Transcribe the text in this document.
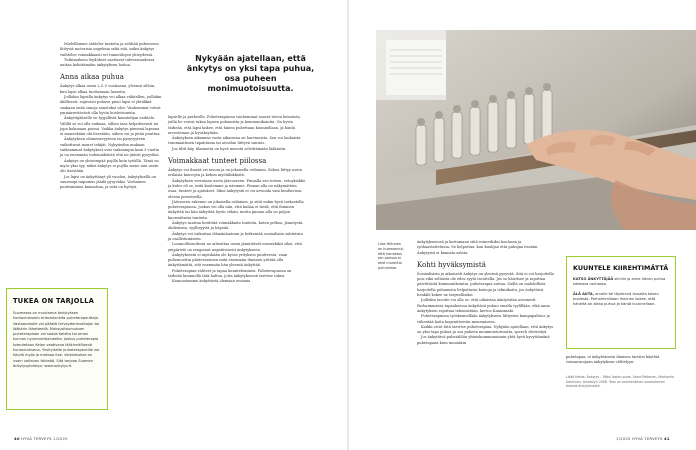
Mielellämme sääteler tunteita ja selittää puheeseen liittyviä motorisia ongelmia sekä sitä, miksi änkytys vaihtelee voimakkaasti eri tunnetilojen yhteydessä.

Tutkimuksen löydökset saattavat tulevaisuudessa auttaa kehittämään änkytyksen hoitoa.

Anna aikaa puhua

Änkytys alkaa usein 2,5–5 vuotiaana, yleensä silloin, kun lapsi alkaa tuottamaan lauseita.

Joillakin lapsilla änkytys voi alkaa vähitellen, joillakin äkillisesti: sujuvasti puhuva pieni lapsi ei yhtäkkiä saakaan enää sanoja sanotuksi ulos. Vanhemmat voivat ymmärrettävästi olla hyvin huolestuneita.

Änkyttäjäkselle on tyypillistä kuuntelijan vaihtelu. Välillä se voi olla vaikeaa, silloin taas helpottavasti tai jopa kokonaan poissa. Vaikka änkytys pienenä lapsena ei meneekään ohi itsestään, siihen voi ja pitää puuttua.

Änkytyksen ohimenevyyteen tai pysyvyyteen vaikuttavat monet tekijät. Nykytiedon mukaan vaikeammat änkytykset ovat vaikeampia kuin 3 vuotta ja on enemmän todennäköistä että ne jäävät pysyviksi.

Änkytys on yleisempää pojilla kuin tytöillä. Tämä on myös yksi syy, miksi änkytys ei pojilla mene niin usein ohi itsestään.

Jos lapsi on änkyttänyt yli vuoden, änkytyksellä on suurempi taipumus jäädä pysyväksi. Varhainen puuttuminen kannattaa, ja siitä on hyötyä.

TUKEA ON TARJOLLA

Suomessa on muutamia änkytyksen kuntoutukseen erikoistuneita puheterapeutteja. Vastaanotolle voi päästä terveydenhuoltajan tai lääkärin lähetteellä. Maksusitoumuksen puheterapiaan voi saada Kelalta tai oman kunnan hyvinvointialueelta. Joskus puheterapia toteutetaan Kelan vaativana lääkinnällisenä kuntoutuksena. Yksityiselle puheterapeutille voi käydä myös ja maksaa itse. Vertaistukea on usein valtavan tärkeää. Sitä tarjoaa Suomen änkytysyhdistys: www.ankytys.fi.

Nykyään ajatellaan, että änkytys on yksi tapa puhua, osa puheen monimuotoisuutta.

lapselle ja perheelle. Puheterapiassa vanhemmat saavat tietoa keinoista, joilla he voivat tukea lapsen puhumista ja kommunikointia. On hyvin tärkeää, että lapsi kokee, että hänen puhettaan kuunnellaan, ja häntä arvostetaan ja hyväksytään.

Änkytyksen aikamme vasta aikuisena on harvinaista. Sen voi laukaista traumaattinen tapahtuma tai aivoihin liittyvä sairaus.

Jos tiltit käy, tilannetta on hyvä menetä selvittämään lääkäriin.

Voimakkaat tunteet piilossa

Änkytys voi ilmetä eri tavoin ja on jokaisella erilainen. Siihen liittyy usein erilaisia kauvojen ja kehon myötäliikkeitä.

Änkytyksen verrataan usein jäävuoreen. Pinnalla sen toteen, vetoyksikkö ja kulvo eli se, mitä kuulemme ja näemme. Pinnan alla on näkymättöm osaa: tunteet ja ajatukset. Sikoi änkytystä ei voi arvioida vain kuultavissa olevan perusteella.

Jäävuoren rakenne on jokaisella erilainen, ja siitä onkin hyvä tarkastella puheterapiassa. Joskus voi olla niin, että kuilaa ei tiedä, että ihminen änkyttää tai hän änkyttää hyvin vähän, mutta pinnan alla on paljon kuormittavia tunteita.

Änkytys saattaa herättää voimakkaita tunteita, kuten pelkoa, jännitystä, ahdistusta, syyllisyyttä ja häpeää.

Änkytys voi vaikuttaa elämänlaatuun ja heikentää sosiaalisiin suhteisiin ja osallistumiseen.

Luonnollisuudesta ne aiheuttaa usein jännittävät esimerkiksi siksi, että ympäristö on reagoinut negatiivisesti änkytykseen.

Änkytyksestä ei myöskään ole kysse yrityksen puutteesta, vaan puhemoottin päätevarsinen mitä enemmän ihminen yrittää olla änkyttämättä, sitä enemmän hän yleensä änkyttää.

Puheterapian väliteet ja tapaa kuunteleminen. Puheterapiassa on tärkeää kuunnella tätä haltua, jotta änkytyksessä tarvitse tukea.

Kannustamme änkyttäviä olemaan avoimia

40 HYVÄ TERVEYS 1/2025	1/2025 HYVÄ TERVEYS 41
Liisa Hiltunen on huomannut, että harrastus ten parissa ei ehdi murehtia puhumista.

änkytykseensä ja kertomaan siitä esimerkiksi koulussa ja työhaastattelussa. Se helpottaa, kun kuulijaa että puhujaa itseään. Änkytystä ei kannata salata.

Kohti hyväksymistä

Sosiaalisista ja aikaisesti änkytys on yleensä pysyvää. Sitä ei voi harjoitella pois eikä sellaista ole edes syytä tavoitella. Jos se häiritsee ja rajoittaa päivittäistä kommunikointia, puheterapia auttaa. Siellä on mahdollista harjoitella puhumista helpottavia keinoja ja tekniikoita, jos änkyttävä henkilö kokee ne tarpeellisiksi.

Joillekin tavoite voi olla se, että oikaistaa ääntyisitää avoimesti. Parhaimmassa tapauksessa änkyttävä puhuu omalla tyylillään, eikä anna änkytyksen rajoittaa tekemistään, kertoo Kanasmaki.

Puheterapiassa työskennellään änkytykseen liittyvien kampapaltuus ja vähentää koita kogenittsevän menemiseen.

Kaikki eivät tätä tarvitse puheterapiaa. Nykyään ajatellaan, että änkytys on yksi tapa puhua ja osa puheen monimuotoisuutta, speech diversityä.

Jos änkyttävä puhetalilön yhteiskommunoinnin yhtä hyvä kyvyttämänä puhetapana kuin muutakin

KUUNTELE KIIREHTIMÄTTÄ

KATSO ÄNKYTTÄJÄÄ silmiin ja anna hänen puhua kaikessa rauhassa.

ÄLÄ AUTA, arvaile tai täydennä lauseita toisen puolesta. Parhaimmillaan ihminen kokee, että häneltä on aikaa puhua ja häntä kuunnellaan.

puhetapaa, ei änkytöäneen ihmisen tarvitsi käyttää voimavarojaan änkytyksen välttelyyn.

Lisää tietoa: Änkytys – Miksi lasten puhe, Useni Paltonen, Markanka Salminen. Anadolyn 2006. Teos on ensimmäinen suomalainen teoksia änkytyksestä.
